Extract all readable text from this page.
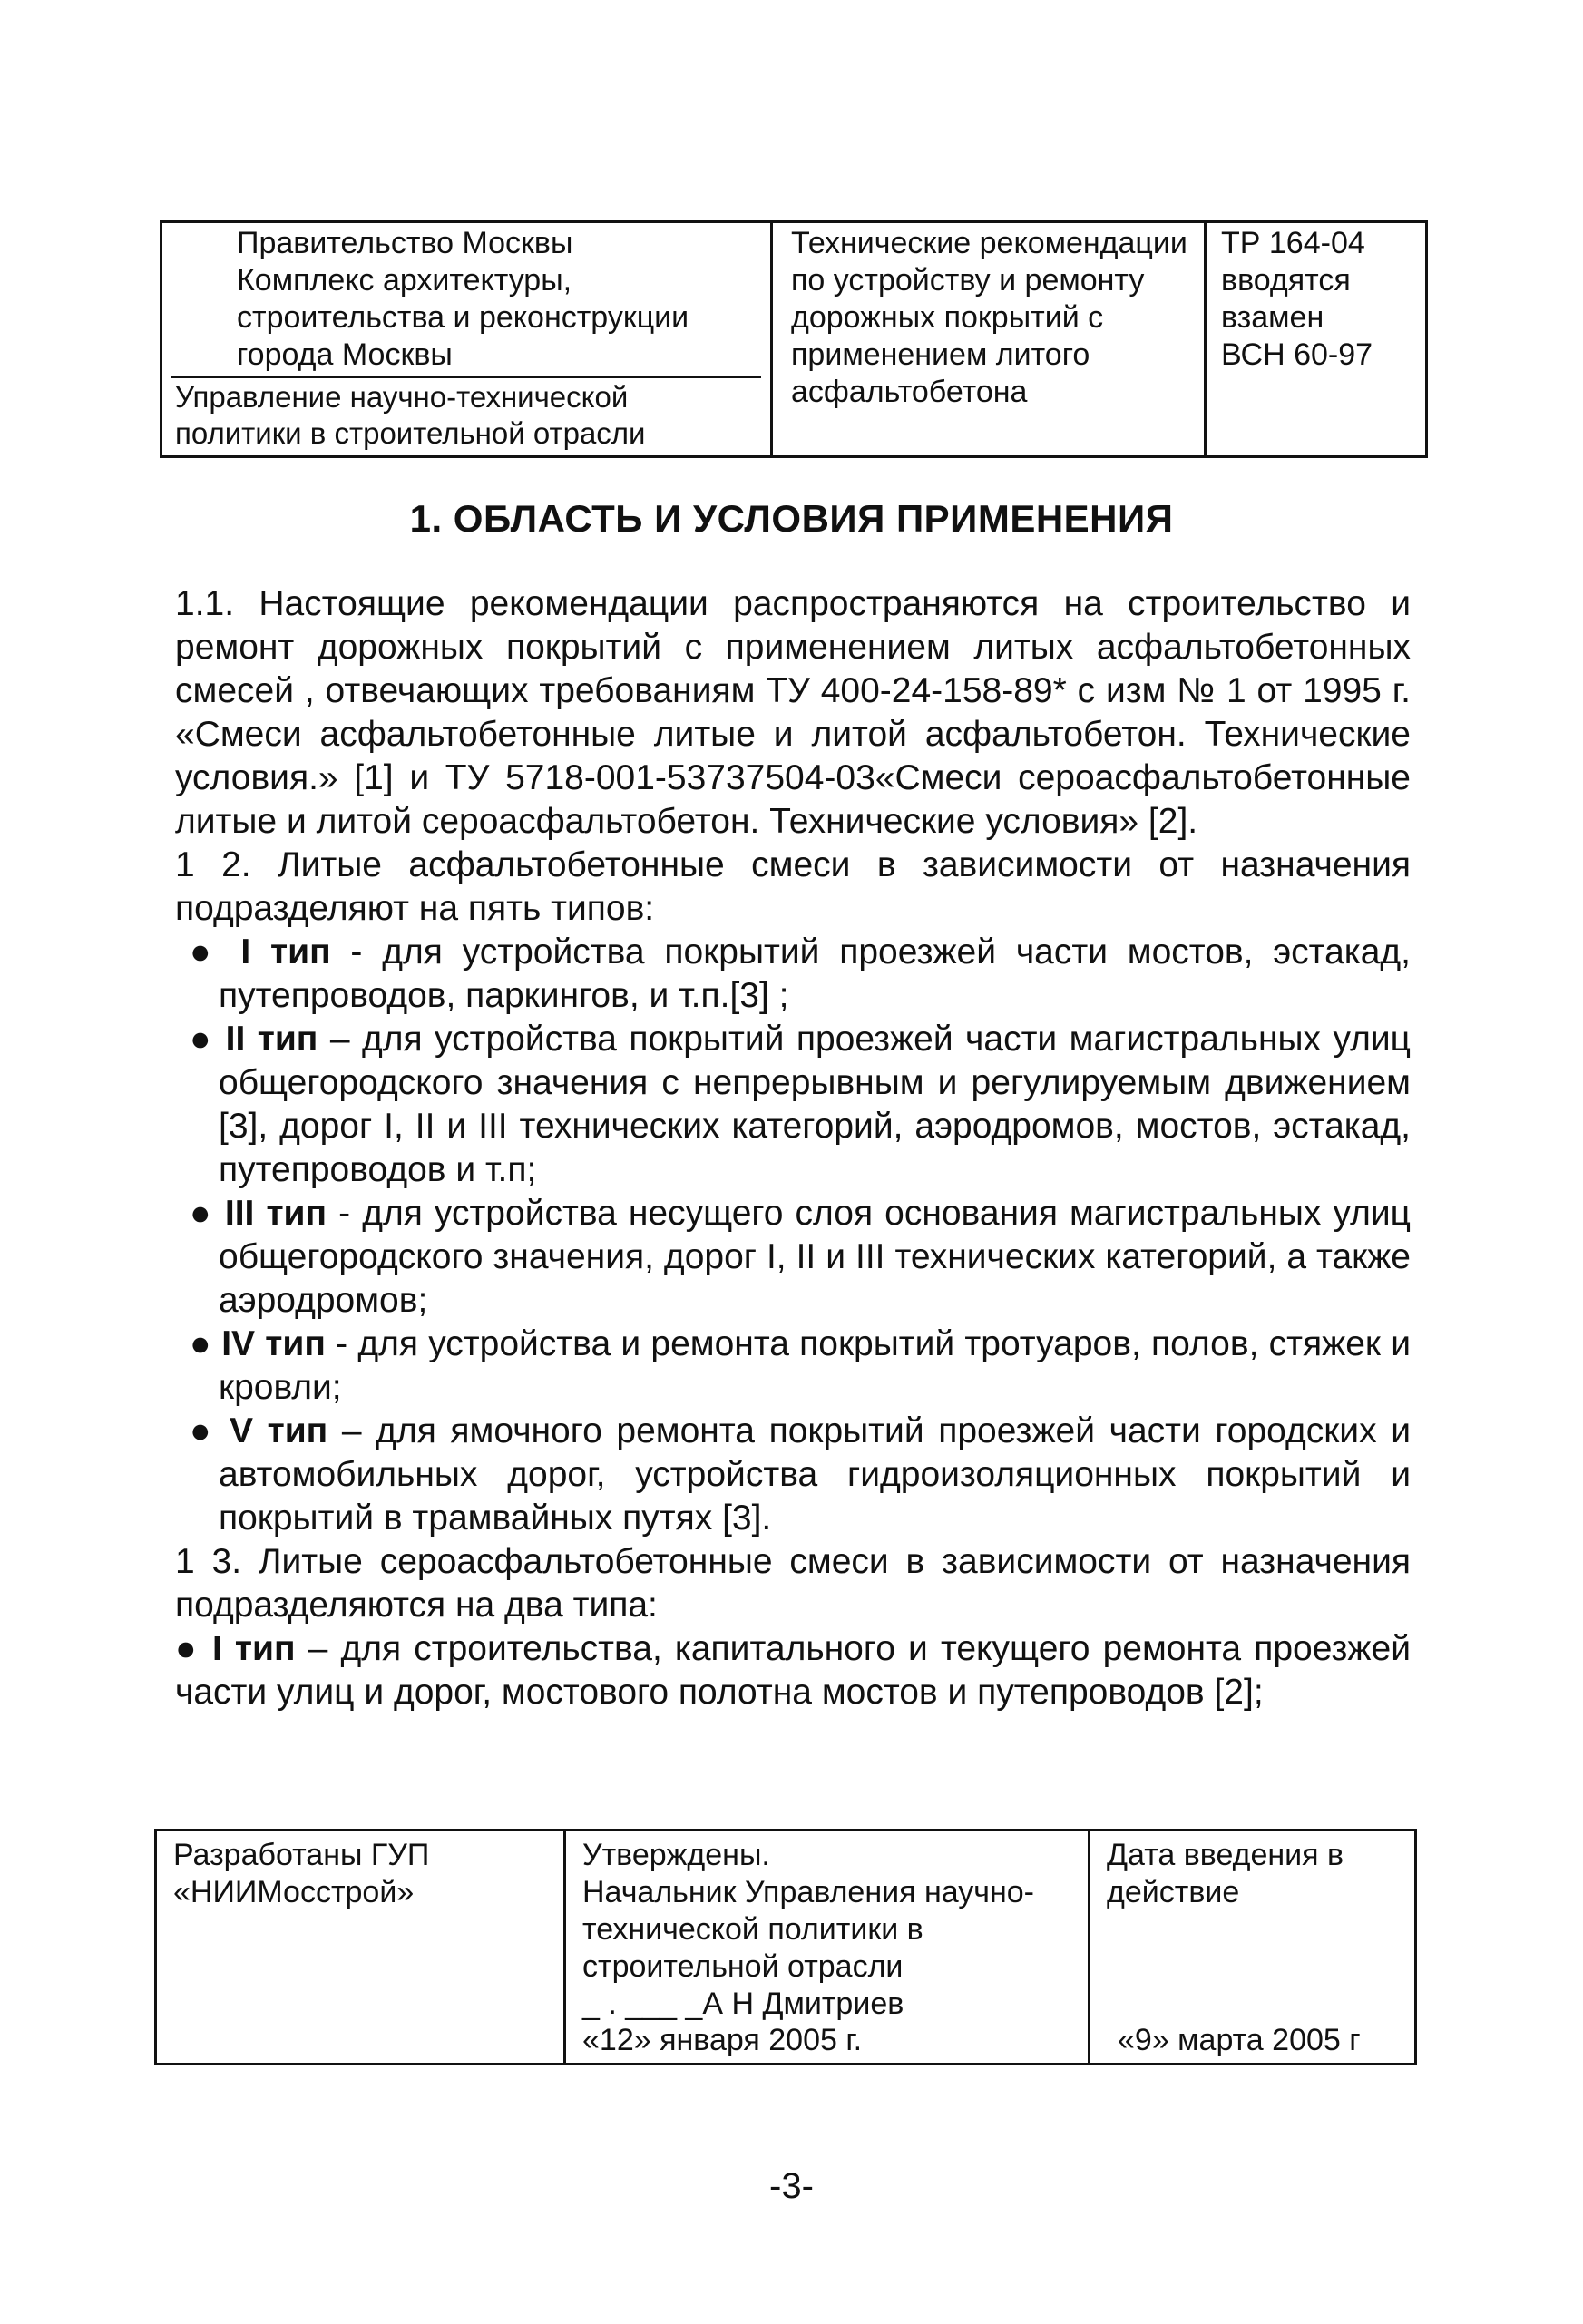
Правительство Москвы
Комплекс архитектуры,
строительства и реконструкции
города Москвы
Управление научно-технической
политики в строительной отрасли
Технические рекомендации
по устройству и ремонту
дорожных покрытий с
применением литого
асфальтобетона
ТР 164-04
вводятся
взамен
ВСН 60-97
1. ОБЛАСТЬ И УСЛОВИЯ ПРИМЕНЕНИЯ

1.1. Настоящие рекомендации распространяются на строительство и ремонт дорожных покрытий с применением литых асфальтобетонных смесей , отвечающих требованиям ТУ 400-24-158-89* с изм № 1 от 1995 г. «Смеси асфальтобетонные литые и литой асфальтобетон. Технические условия.» [1] и ТУ 5718-001-53737504-03«Смеси сероасфальтобетонные литые и литой сероасфальтобетон. Технические условия» [2].

1 2. Литые асфальтобетонные смеси в зависимости от назначения подразделяют на пять типов:

● I тип - для устройства покрытий проезжей части мостов, эстакад, путепроводов, паркингов, и т.п.[3] ;

● II тип – для устройства покрытий проезжей части магистральных улиц общегородского значения с непрерывным и регулируемым движением [3], дорог I, II и III технических категорий, аэродромов, мостов, эстакад, путепроводов и т.п;

● III тип - для устройства несущего слоя основания магистральных улиц общегородского значения, дорог I, II и III технических категорий, а также аэродромов;

● IV тип - для устройства и ремонта покрытий тротуаров, полов, стяжек и кровли;

● V тип – для ямочного ремонта покрытий проезжей части городских и автомобильных дорог, устройства гидроизоляционных покрытий и покрытий в трамвайных путях [3].

1 3. Литые сероасфальтобетонные смеси в зависимости от назначения подразделяются на два типа:

● I тип – для строительства, капитального и текущего ремонта проезжей части улиц и дорог, мостового полотна мостов и путепроводов [2];

Разработаны ГУП
«НИИМосстрой»
Утверждены.
Начальник Управления научно-
технической политики в
строительной отрасли
_ . ___ _А Н Дмитриев
«12» января 2005 г.
Дата введения в
действие
«9» марта 2005 г
-3-
